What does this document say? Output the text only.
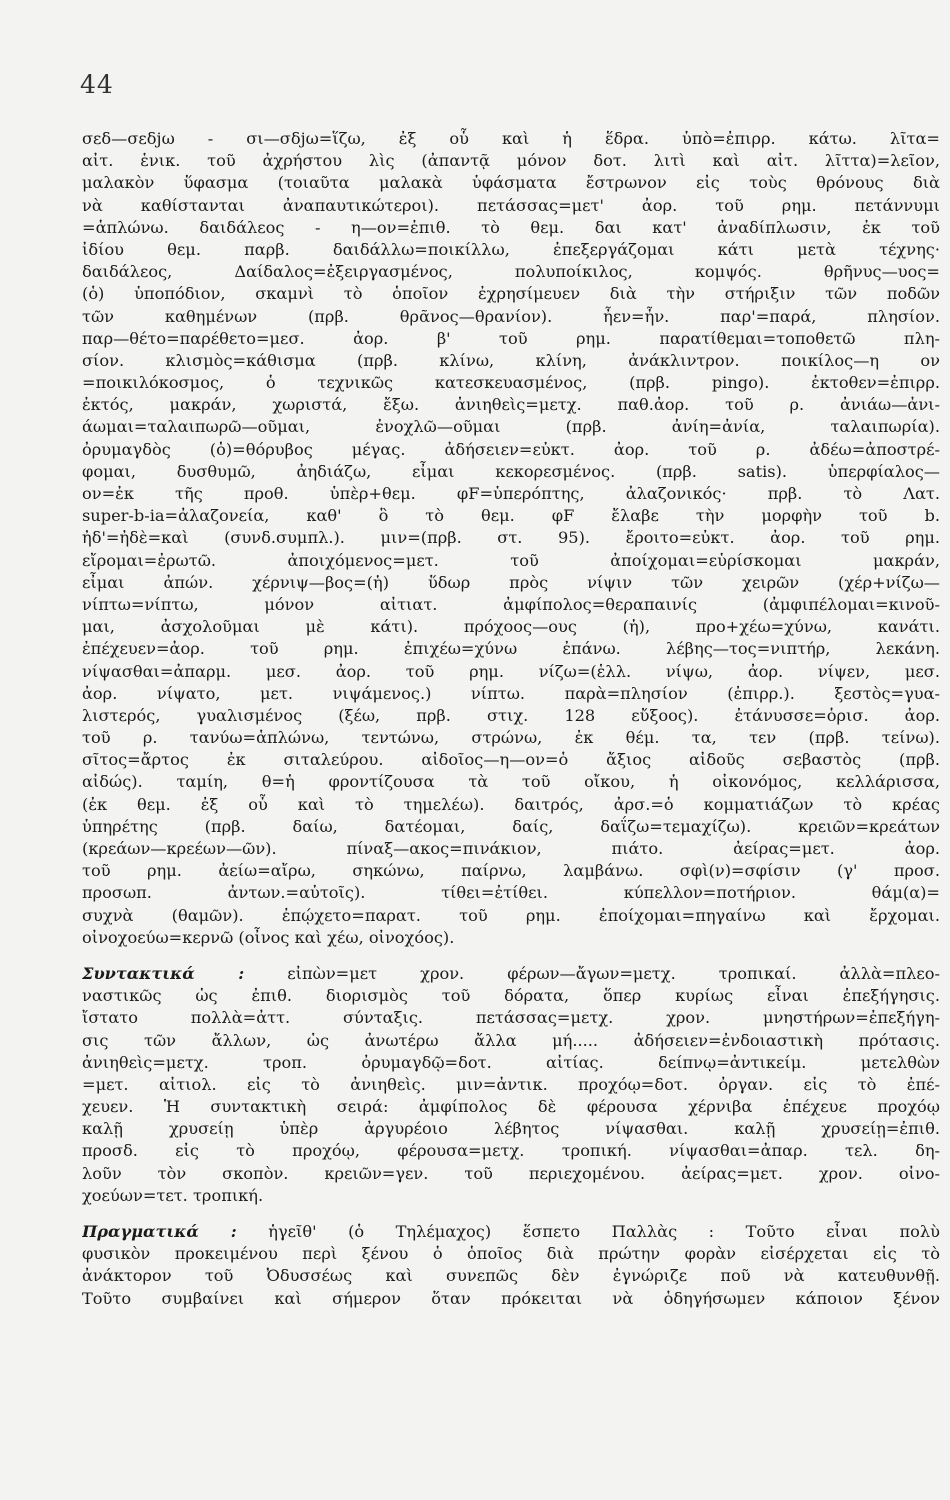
44
σεδ—σεδjω - σι—σδjω=ἵζω, ἐξ οὗ καὶ ἡ ἕδρα. ὑπὸ=ἐπιρρ. κάτω. λῖτα=
αἰτ. ἑνικ. τοῦ ἀχρήστου λὶς (ἀπαντᾷ μόνον δοτ. λιτὶ καὶ αἰτ. λῖττα)=λεῖον,
μαλακὸν ὕφασμα (τοιαῦτα μαλακὰ ὑφάσματα ἔστρωνον εἰς τοὺς θρόνους διὰ
νὰ καθίστανται ἀναπαυτικώτεροι). πετάσσας=μετ' ἀορ. τοῦ ρημ. πετάννυμι
=ἁπλώνω. δαιδάλεος - η—ον=ἐπιθ. τὸ θεμ. δαι κατ' ἀναδίπλωσιν, ἐκ τοῦ
ἰδίου θεμ. παρβ. δαιδάλλω=ποικίλλω, ἐπεξεργάζομαι κάτι μετὰ τέχνης·
δαιδάλεος, Δαίδαλος=ἐξειργασμένος, πολυποίκιλος, κομψός. θρῆνυς—υος=
(ὁ) ὑποπόδιον, σκαμνὶ τὸ ὁποῖον ἐχρησίμευεν διὰ τὴν στήριξιν τῶν ποδῶν
τῶν καθημένων (πρβ. θρᾶνος—θρανίον). ἦεν=ἦν. παρ'=παρά, πλησίον.
παρ—θέτο=παρέθετο=μεσ. ἀορ. β' τοῦ ρημ. παρατίθεμαι=τοποθετῶ πλη-
σίον. κλισμὸς=κάθισμα (πρβ. κλίνω, κλίνη, ἀνάκλιντρον. ποικίλος—η ον
=ποικιλόκοσμος, ὁ τεχνικῶς κατεσκευασμένος, (πρβ. pingo). ἐκτοθεν=ἐπιρρ.
ἐκτός, μακράν, χωριστά, ἔξω. ἀνιηθεὶς=μετχ. παθ.ἀορ. τοῦ ρ. ἀνιάω—ἀνι-
άωμαι=ταλαιπωρῶ—οῦμαι, ἐνοχλῶ—οῦμαι (πρβ. ἀνίη=ἀνία, ταλαιπωρία).
ὀρυμαγδὸς (ὁ)=θόρυβος μέγας. ἀδήσειεν=εὐκτ. ἀορ. τοῦ ρ. ἀδέω=ἀποστρέ-
φομαι, δυσθυμῶ, ἀηδιάζω, εἶμαι κεκορεσμένος. (πρβ. satis). ὑπερφίαλος—
ον=ἐκ τῆς προθ. ὑπὲρ+θεμ. φF=ὑπερόπτης, ἀλαζονικός· πρβ. τὸ Λατ.
super-b-ia=ἀλαζονεία, καθ' ὃ τὸ θεμ. φF ἔλαβε τὴν μορφὴν τοῦ b.
ἠδ'=ἠδὲ=καὶ (συνδ.συμπλ.). μιν=(πρβ. στ. 95). ἔροιτο=εὐκτ. ἀορ. τοῦ ρημ.
εἴρομαι=ἐρωτῶ. ἀποιχόμενος=μετ. τοῦ ἀποίχομαι=εὑρίσκομαι μακράν,
εἶμαι ἀπών. χέρνιψ—βος=(ἡ) ὕδωρ πρὸς νίψιν τῶν χειρῶν (χέρ+νίζω—
νίπτω=νίπτω, μόνον αἰτιατ. ἀμφίπολος=θεραπαινίς (ἀμφιπέλομαι=κινοῦ-
μαι, ἀσχολοῦμαι μὲ κάτι). πρόχοος—ους (ἡ), προ+χέω=χύνω, κανάτι.
ἐπέχευεν=ἀορ. τοῦ ρημ. ἐπιχέω=χύνω ἐπάνω. λέβης—τος=νιπτήρ, λεκάνη.
νίψασθαι=ἀπαρμ. μεσ. ἀορ. τοῦ ρημ. νίζω=(ἑλλ. νίψω, ἀορ. νίψεν, μεσ.
ἀορ. νίψατο, μετ. νιψάμενος.) νίπτω. παρὰ=πλησίον (ἐπιρρ.). ξεστὸς=γυα-
λιστερός, γυαλισμένος (ξέω, πρβ. στιχ. 128 εὔξοος). ἐτάνυσσε=ὁρισ. ἀορ.
τοῦ ρ. τανύω=ἁπλώνω, τεντώνω, στρώνω, ἐκ θέμ. τα, τεν (πρβ. τείνω).
σῖτος=ἄρτος ἐκ σιταλεύρου. αἰδοῖος—η—ον=ὁ ἄξιος αἰδοῦς σεβαστὸς (πρβ.
αἰδώς). ταμίη, θ=ἡ φροντίζουσα τὰ τοῦ οἴκου, ἡ οἰκονόμος, κελλάρισσα,
(ἐκ θεμ. ἐξ οὗ καὶ τὸ τημελέω). δαιτρός, ἀρσ.=ὁ κομματιάζων τὸ κρέας
ὑπηρέτης (πρβ. δαίω, δατέομαι, δαίς, δαΐζω=τεμαχίζω). κρειῶν=κρεάτων
(κρεάων—κρεέων—ῶν). πίναξ—ακος=πινάκιον, πιάτο. ἀείρας=μετ. ἀορ.
τοῦ ρημ. ἀείω=αἴρω, σηκώνω, παίρνω, λαμβάνω. σφὶ(ν)=σφίσιν (γ' προσ.
προσωπ. ἀντων.=αὐτοῖς). τίθει=ἐτίθει. κύπελλον=ποτήριον. θάμ(α)=
συχνὰ (θαμῶν). ἐπῴχετο=παρατ. τοῦ ρημ. ἐποίχομαι=πηγαίνω καὶ ἔρχομαι.
οἰνοχοεύω=κερνῶ (οἶνος καὶ χέω, οἰνοχόος).
Συντακτικά : εἰπὼν=μετ χρον. φέρων—ἄγων=μετχ. τροπικαί. ἀλλὰ=πλεο-
ναστικῶς ὡς ἐπιθ. διορισμὸς τοῦ δόρατα, ὅπερ κυρίως εἶναι ἐπεξήγησις.
ἴστατο πολλὰ=ἀττ. σύνταξις. πετάσσας=μετχ. χρον. μνηστήρων=ἐπεξήγη-
σις τῶν ἄλλων, ὡς ἀνωτέρω ἄλλα μή..... ἀδήσειεν=ἐνδοιαστικὴ πρότασις.
ἀνιηθεὶς=μετχ. τροπ. ὀρυμαγδῷ=δοτ. αἰτίας. δείπνῳ=ἀντικείμ. μετελθὼν
=μετ. αἰτιολ. εἰς τὸ ἀνιηθεὶς. μιν=ἀντικ. προχόῳ=δοτ. ὀργαν. εἰς τὸ ἐπέ-
χευεν. Ἡ συντακτικὴ σειρά: ἀμφίπολος δὲ φέρουσα χέρνιβα ἐπέχευε προχόῳ
καλῇ χρυσείῃ ὑπὲρ ἀργυρέοιο λέβητος νίψασθαι. καλῇ χρυσείῃ=ἐπιθ.
προσδ. εἰς τὸ προχόῳ, φέρουσα=μετχ. τροπική. νίψασθαι=ἀπαρ. τελ. δη-
λοῦν τὸν σκοπὸν. κρειῶν=γεν. τοῦ περιεχομένου. ἀείρας=μετ. χρον. οἰνο-
χοεύων=τετ. τροπική.
Πραγματικά : ἡγεῖθ' (ὁ Τηλέμαχος) ἕσπετο Παλλὰς : Τοῦτο εἶναι πολὺ
φυσικὸν προκειμένου περὶ ξένου ὁ ὁποῖος διὰ πρώτην φορὰν εἰσέρχεται εἰς τὸ
ἀνάκτορον τοῦ Ὀδυσσέως καὶ συνεπῶς δὲν ἐγνώριζε ποῦ νὰ κατευθυνθῇ.
Τοῦτο συμβαίνει καὶ σήμερον ὅταν πρόκειται νὰ ὁδηγήσωμεν κάποιον ξένον
